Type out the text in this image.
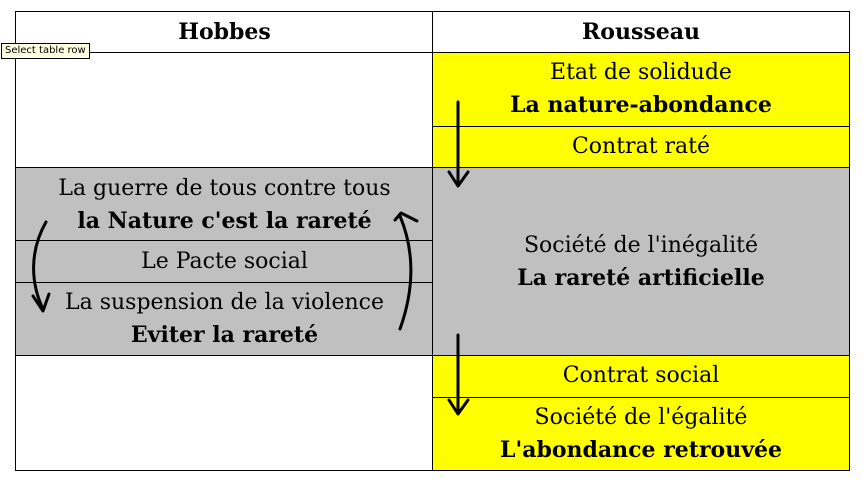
Hobbes	Rousseau
La guerre de tous contre tous
la Nature c'est la rareté
Le Pacte social
La suspension de la violence
Eviter la rareté
Etat de solidude
La nature-abondance
Contrat raté
Société de l'inégalité
La rareté artificielle
Contrat social
Société de l'égalité
L'abondance retrouvée
Select table row
